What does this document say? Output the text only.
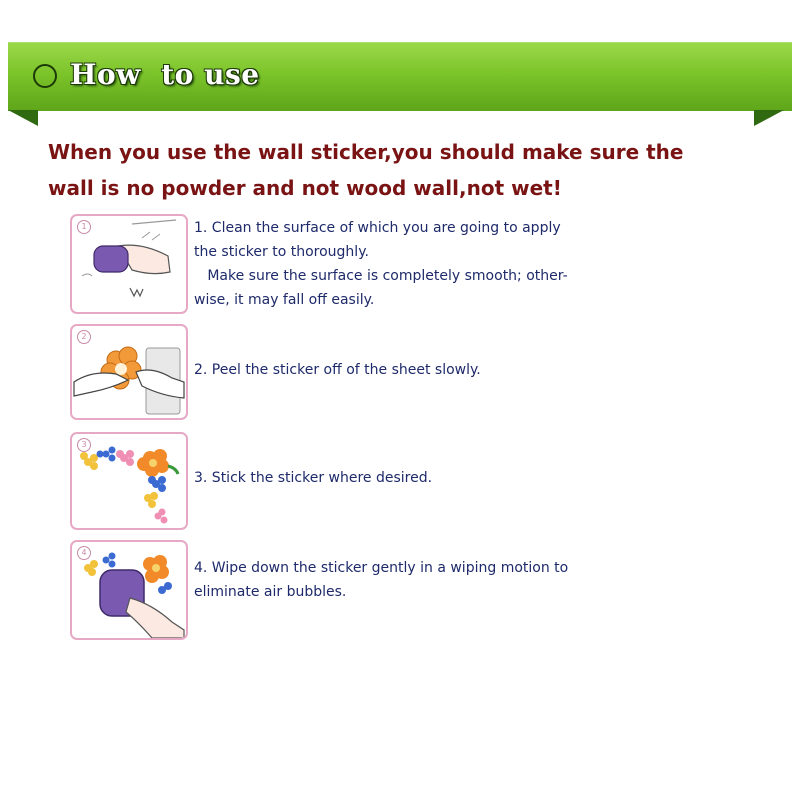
How  to use
When you use the wall sticker,you should make sure the
wall is no powder and not wood wall,not wet!
1	1. Clean the surface of which you are going to apply
the sticker to thoroughly.
Make sure the surface is completely smooth; other-
wise, it may fall off easily.
2
2. Peel the sticker off of the sheet slowly.
3
3. Stick the sticker where desired.
4
4. Wipe down the sticker gently in a wiping motion to
eliminate air bubbles.
